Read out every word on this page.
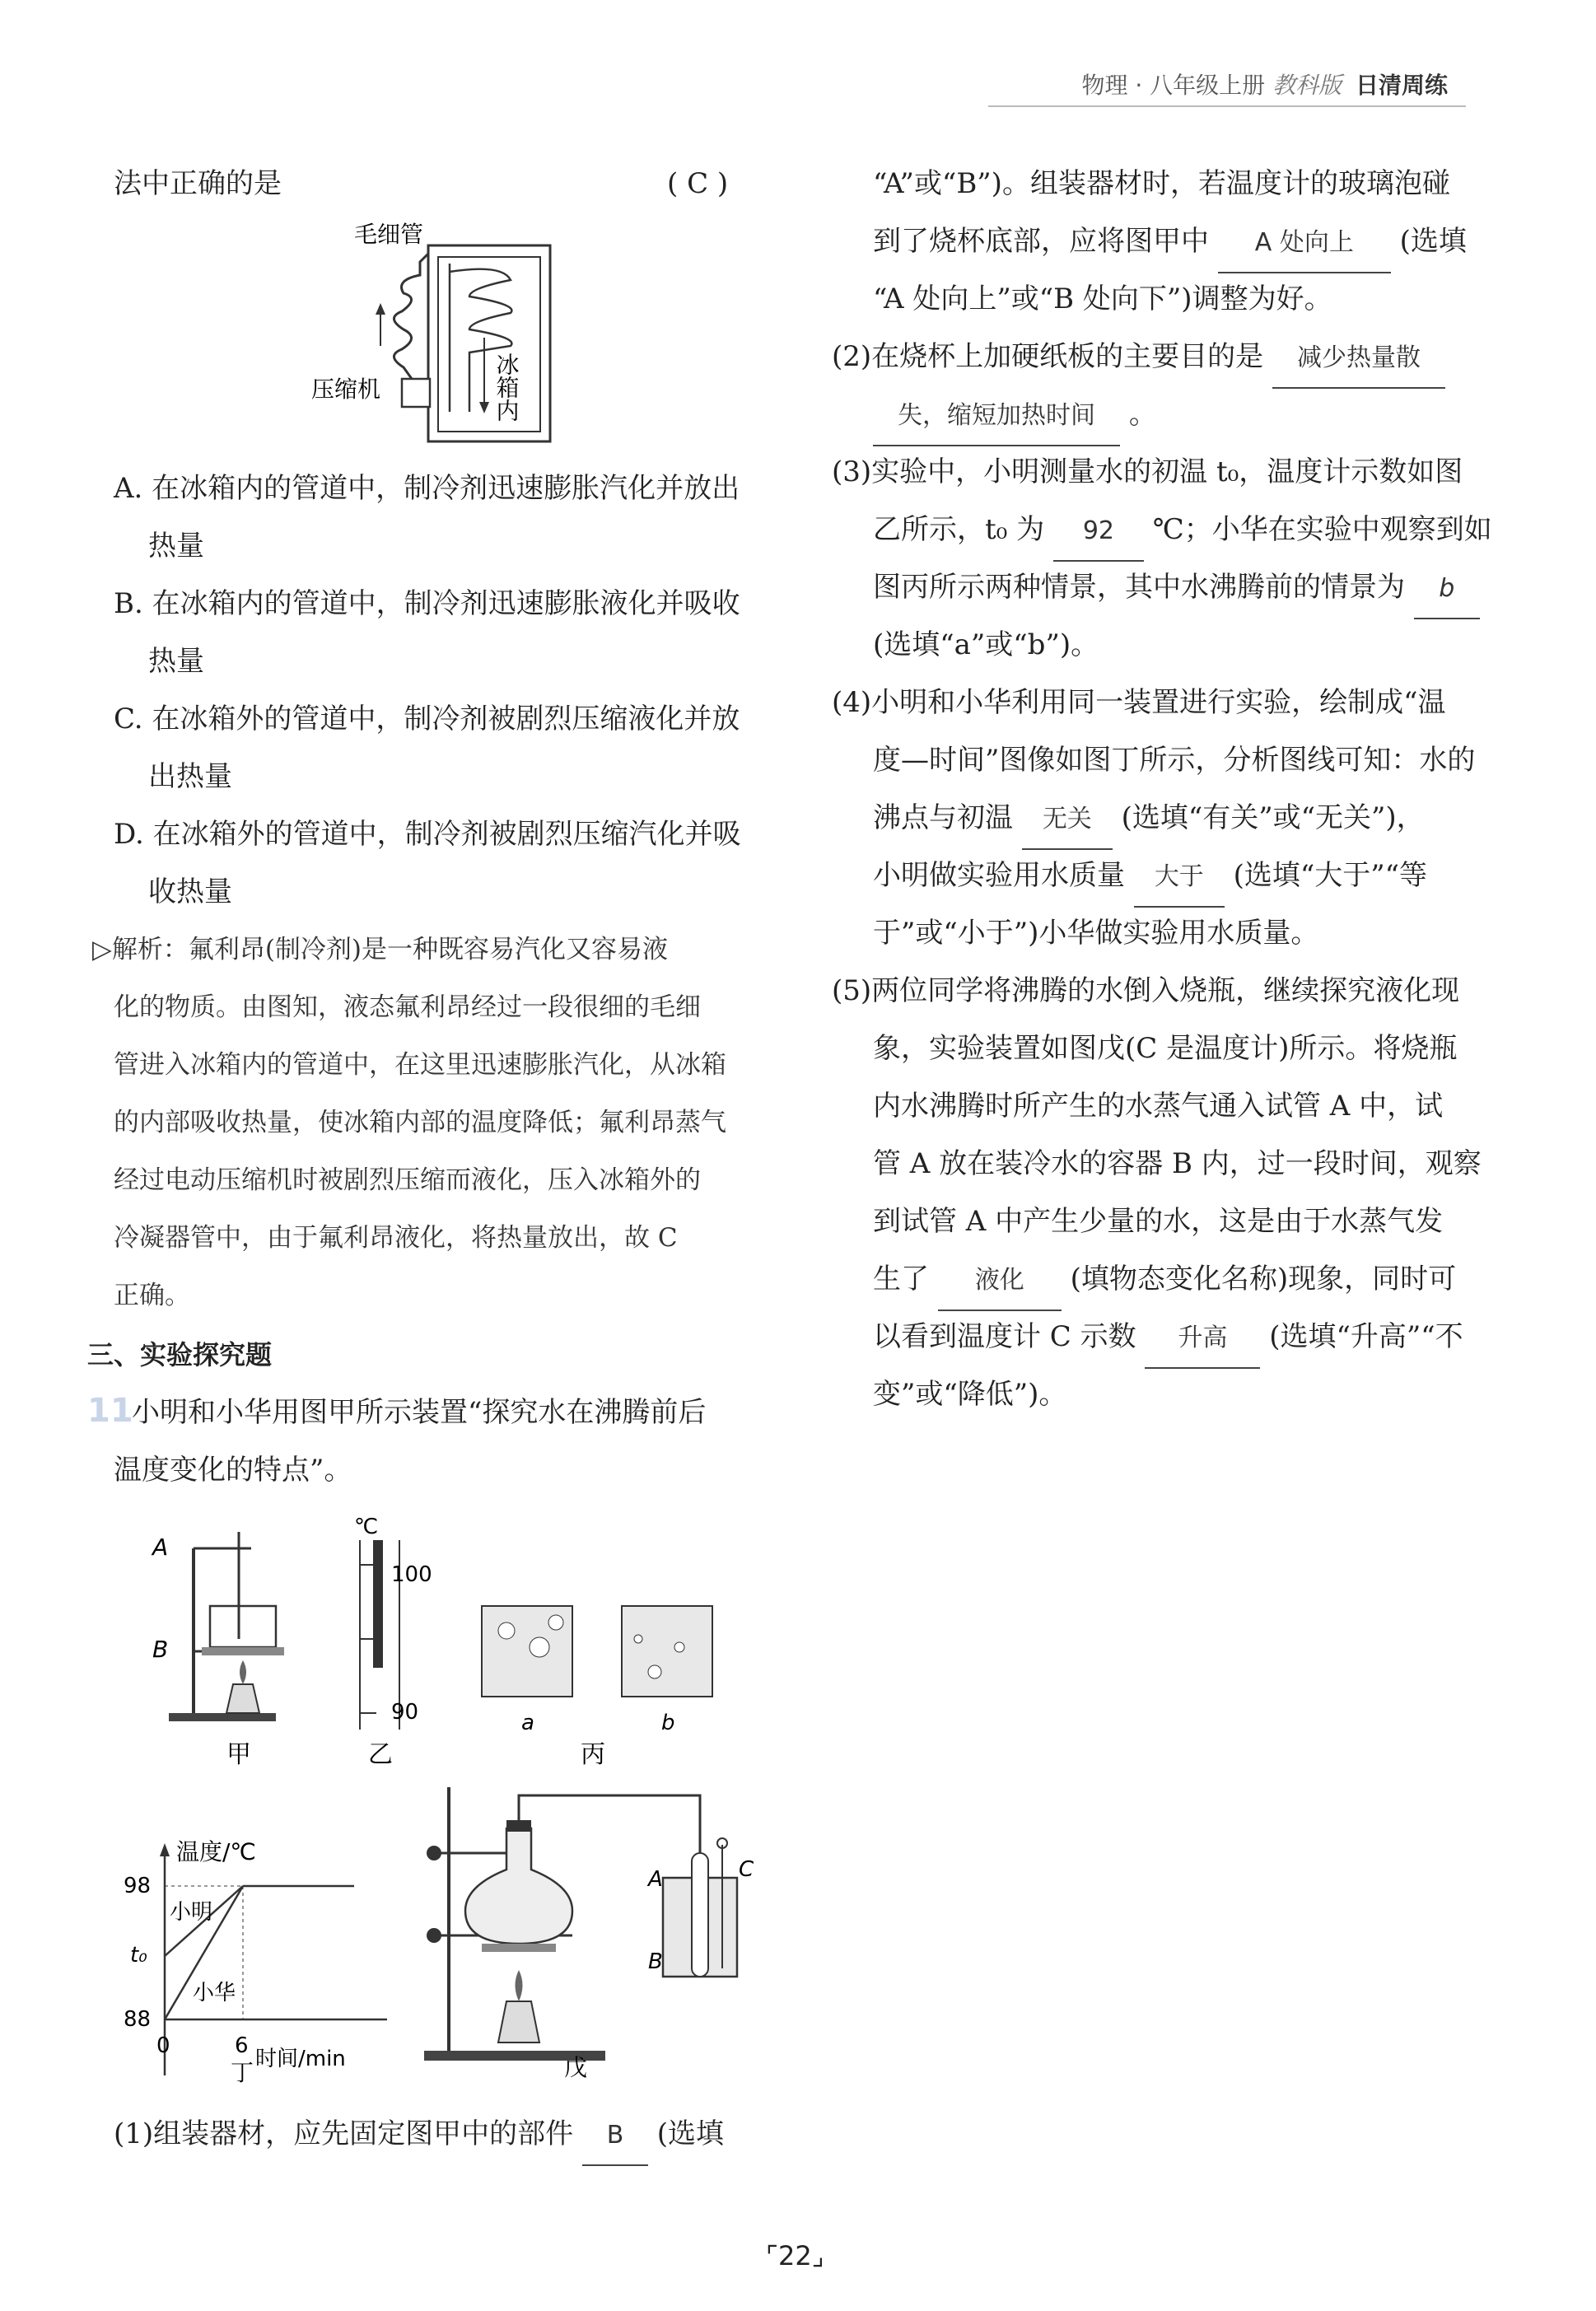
物理 · 八年级上册 教科版 日清周练
法中正确的是	( C )
毛细管
压缩机	冰箱内
A. 在冰箱内的管道中，制冷剂迅速膨胀汽化并放出
热量
B. 在冰箱内的管道中，制冷剂迅速膨胀液化并吸收
热量
C. 在冰箱外的管道中，制冷剂被剧烈压缩液化并放
出热量
D. 在冰箱外的管道中，制冷剂被剧烈压缩汽化并吸
收热量
▷解析：氟利昂(制冷剂)是一种既容易汽化又容易液
化的物质。由图知，液态氟利昂经过一段很细的毛细
管进入冰箱内的管道中，在这里迅速膨胀汽化，从冰箱
的内部吸收热量，使冰箱内部的温度降低；氟利昂蒸气
经过电动压缩机时被剧烈压缩而液化，压入冰箱外的
冷凝器管中，由于氟利昂液化，将热量放出，故 C
正确。
三、实验探究题
11
小明和小华用图甲所示装置“探究水在沸腾前后
温度变化的特点”。
A
B
甲
℃
100
90
乙
a	b
丙
温度/℃
98
t₀
88
0	6
时间/min
小明
小华
丁
A
B
C
戊
(1)组装器材，应先固定图甲中的部件 B (选填
“A”或“B”)。组装器材时，若温度计的玻璃泡碰
到了烧杯底部，应将图甲中 A 处向上 (选填
“A 处向上”或“B 处向下”)调整为好。
(2)在烧杯上加硬纸板的主要目的是 减少热量散
失，缩短加热时间 。
(3)实验中，小明测量水的初温 t₀，温度计示数如图
乙所示，t₀ 为 92 ℃；小华在实验中观察到如
图丙所示两种情景，其中水沸腾前的情景为 b
(选填“a”或“b”)。
(4)小明和小华利用同一装置进行实验，绘制成“温
度—时间”图像如图丁所示，分析图线可知：水的
沸点与初温 无关 (选填“有关”或“无关”)，
小明做实验用水质量 大于 (选填“大于”“等
于”或“小于”)小华做实验用水质量。
(5)两位同学将沸腾的水倒入烧瓶，继续探究液化现
象，实验装置如图戊(C 是温度计)所示。将烧瓶
内水沸腾时所产生的水蒸气通入试管 A 中，试
管 A 放在装冷水的容器 B 内，过一段时间，观察
到试管 A 中产生少量的水，这是由于水蒸气发
生了 液化 (填物态变化名称)现象，同时可
以看到温度计 C 示数 升高 (选填“升高”“不
变”或“降低”)。
⌜22⌟
